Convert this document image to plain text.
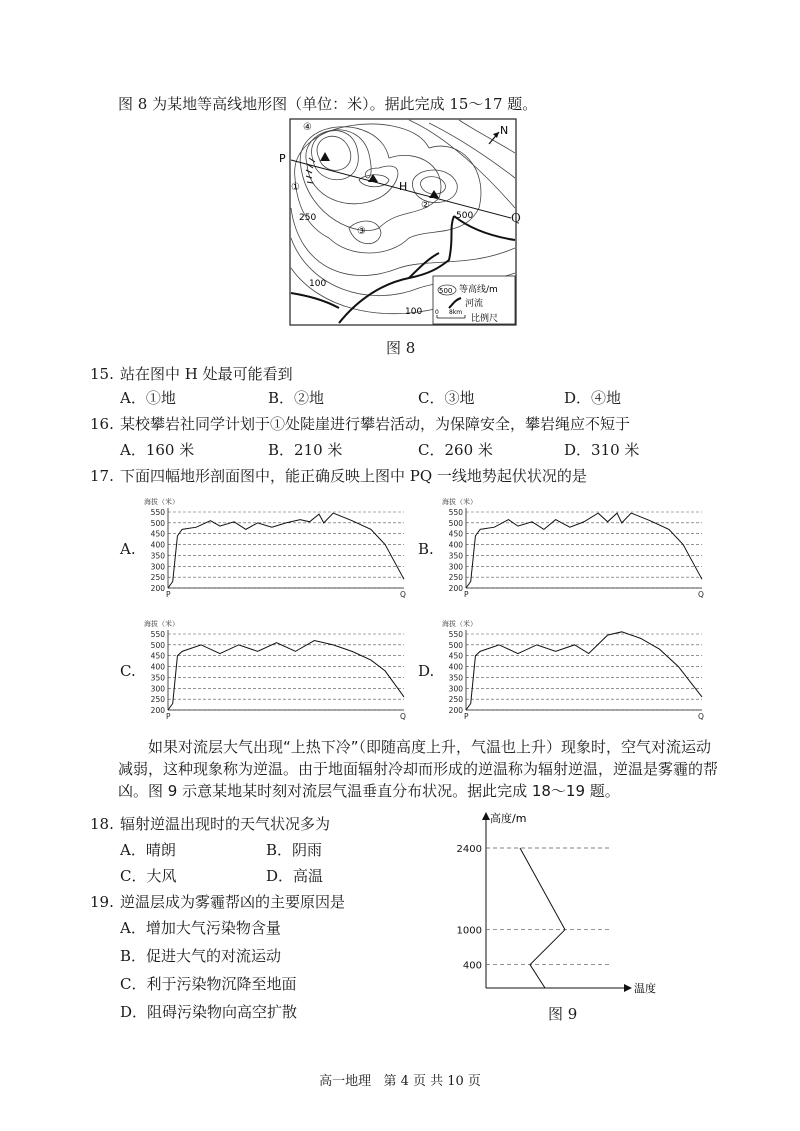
图 8 为某地等高线地形图（单位：米）。据此完成 15～17 题。
N
P
H
④
①
②
③
250	500
100
100
500 等高线/m
河流
0 8km
比例尺
Q
图 8
15. 站在图中 H 处最可能看到
A．①地	B．②地	C．③地	D．④地
16. 某校攀岩社同学计划于①处陡崖进行攀岩活动，为保障安全，攀岩绳应不短于
A．160 米	B．210 米	C．260 米	D．310 米
17. 下面四幅地形剖面图中，能正确反映上图中 PQ 一线地势起伏状况的是
A.	B.
C.	D.
海拔（米）
550
500
450
400
350
300
250
200
P	Q
海拔（米）
550
500
450
400
350
300
250
200
P	Q
海拔（米）
550
500
450
400
350
300
250
200
P	Q
海拔（米）
550
500
450
400
350
300
250
200
P	Q
如果对流层大气出现“上热下冷”（即随高度上升，气温也上升）现象时，空气对流运动减弱，这种现象称为逆温。由于地面辐射冷却而形成的逆温称为辐射逆温，逆温是雾霾的帮凶。图 9 示意某地某时刻对流层气温垂直分布状况。据此完成 18～19 题。
18. 辐射逆温出现时的天气状况多为
A．晴朗	B．阴雨
C．大风	D．高温
19. 逆温层成为雾霾帮凶的主要原因是
A．增加大气污染物含量
B．促进大气的对流运动
C．利于污染物沉降至地面
D．阻碍污染物向高空扩散
高度/m
温度
2400
1000
400
图 9
高一地理   第 4 页 共 10 页
